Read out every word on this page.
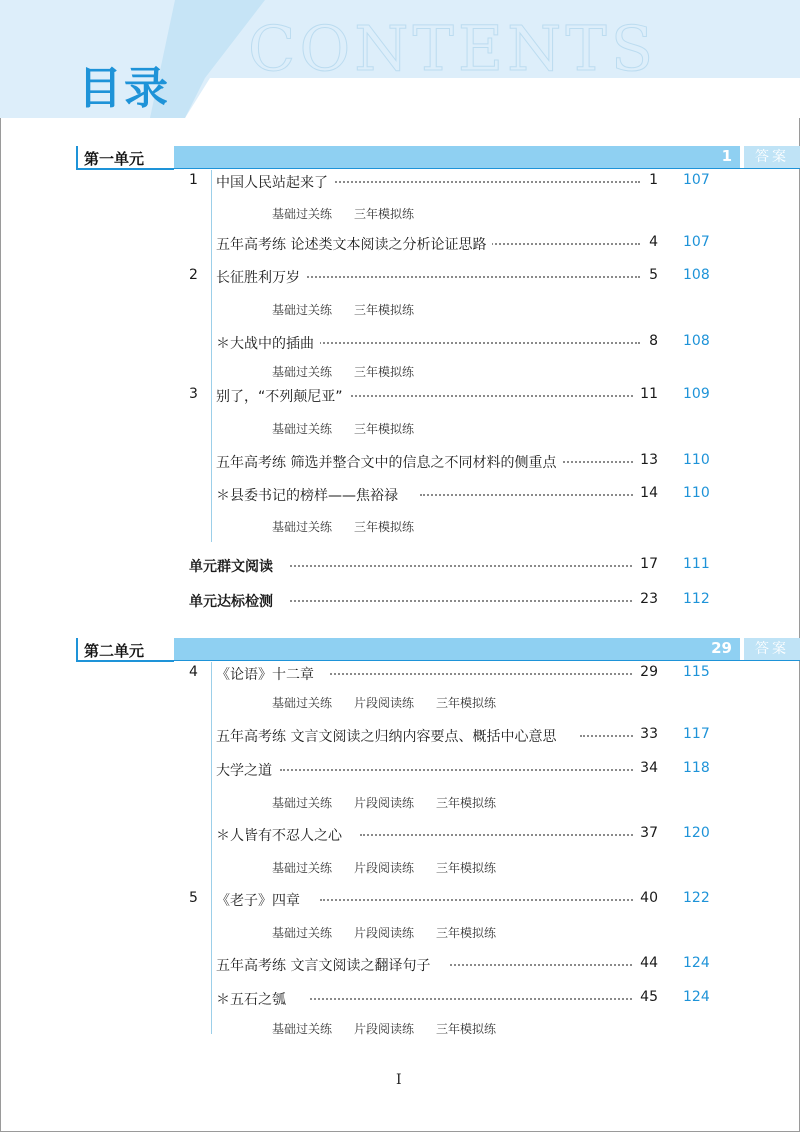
CONTENTS
目录
第一单元	1	答案
1 中国人民站起来了	1 107
基础过关练 三年模拟练
五年高考练 论述类文本阅读之分析论证思路	4 107
2 长征胜利万岁	5 108
基础过关练 三年模拟练
＊大战中的插曲	8 108
基础过关练 三年模拟练
3 别了，“不列颠尼亚”	11 109
基础过关练 三年模拟练
五年高考练 筛选并整合文中的信息之不同材料的侧重点	13 110
＊县委书记的榜样——焦裕禄	14 110
基础过关练 三年模拟练
单元群文阅读	17 111
单元达标检测	23 112
第二单元	29	答案
4 《论语》十二章	29 115
基础过关练 片段阅读练 三年模拟练
五年高考练 文言文阅读之归纳内容要点、概括中心意思	33 117
大学之道	34 118
基础过关练 片段阅读练 三年模拟练
＊人皆有不忍人之心	37 120
基础过关练 片段阅读练 三年模拟练
5 《老子》四章	40 122
基础过关练 片段阅读练 三年模拟练
五年高考练 文言文阅读之翻译句子	44 124
＊五石之瓠	45 124
基础过关练 片段阅读练 三年模拟练
I
